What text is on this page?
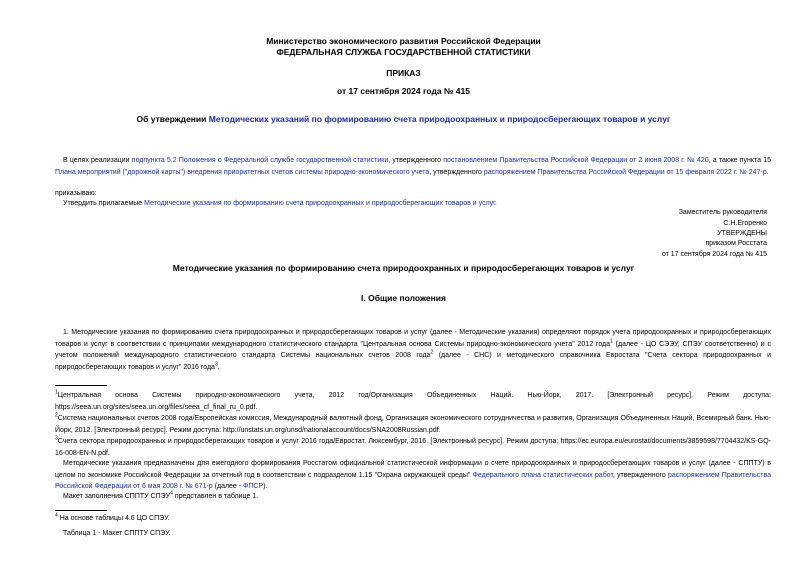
Министерство экономического развития Российской Федерации
ФЕДЕРАЛЬНАЯ СЛУЖБА ГОСУДАРСТВЕННОЙ СТАТИСТИКИ
ПРИКАЗ
от 17 сентября 2024 года № 415
Об утверждении Методических указаний по формированию счета природоохранных и природосберегающих товаров и услуг
В целях реализации подпункта 5.2 Положения о Федеральной службе государственной статистики, утвержденного постановлением Правительства Российской Федерации от 2 июня 2008 г. № 420, а также пункта 15 Плана мероприятий ("дорожной карты") внедрения приоритетных счетов системы природно-экономического учета, утвержденного распоряжением Правительства Российской Федерации от 15 февраля 2022 г. № 247-р.
приказываю:
Утвердить прилагаемые Методические указания по формированию счета природоохранных и природосберегающих товаров и услуг.
Заместитель руководителя
С.Н.Егоренко
УТВЕРЖДЕНЫ
приказом Росстата
от 17 сентября 2024 года № 415
Методические указания по формированию счета природоохранных и природосберегающих товаров и услуг
I. Общие положения
1. Методические указания по формированию счета природоохранных и природосберегающих товаров и услуг (далее - Методические указания) определяют порядок учета природоохранных и природосберегающих товаров и услуг в соответствии с принципами международного статистического стандарта "Центральная основа Системы природно-экономического учета" 2012 года$^1$ (далее - ЦО СЭЭУ, СПЭУ соответственно) и с учетом положений международного статистического стандарта Системы национальных счетов 2008 года$^2$ (далее - СНС) и методического справочника Евростата "Счета сектора природоохранных и природосберегающих товаров и услуг" 2016 года$^3$.
$^1$Центральная основа Системы природно-экономического учета, 2012 год/Организация Объединенных Наций. Нью-Йорк, 2017. [Электронный ресурс]. Режим доступа: https://seea.un.org/sites/seea.un.org/files/seea_cf_final_ru_0.pdf.
$^2$Система национальных счетов 2008 года/Европейская комиссия, Международный валютный фонд, Организация экономического сотрудничества и развития, Организация Объединенных Наций, Всемирный банк. Нью-Йорк, 2012. [Электронный ресурс]. Режим доступа: http://unstats.un.org/unsd/nationalaccount/docs/SNA2008Russian.pdf.
$^3$Счета сектора природоохранных и природосберегающих товаров и услуг 2016 года/Евростат. Люксембург, 2016. [Электронный ресурс]. Режим доступа: https://ec.europa.eu/eurostat/documents/3859598/7704432/KS-GQ-16-008-EN-N.pdf.
Методические указания предназначены для ежегодного формирования Росстатом официальной статистической информации о счете природоохранных и природосберегающих товаров и услуг (далее - СППТУ) в целом по экономике Российской Федерации за отчетный год в соответствии с подразделом 1.15 "Охрана окружающей среды" Федерального плана статистических работ, утвержденного распоряжением Правительства Российской Федерации от 6 мая 2008 г. № 671-р (далее - ФПСР).
Макет заполнения СППТУ СПЭУ$^4$ представлен в таблице 1.
$^4$ На основе таблицы 4.6 ЦО СПЭУ.
Таблица 1 - Макет СППТУ СПЭУ.
